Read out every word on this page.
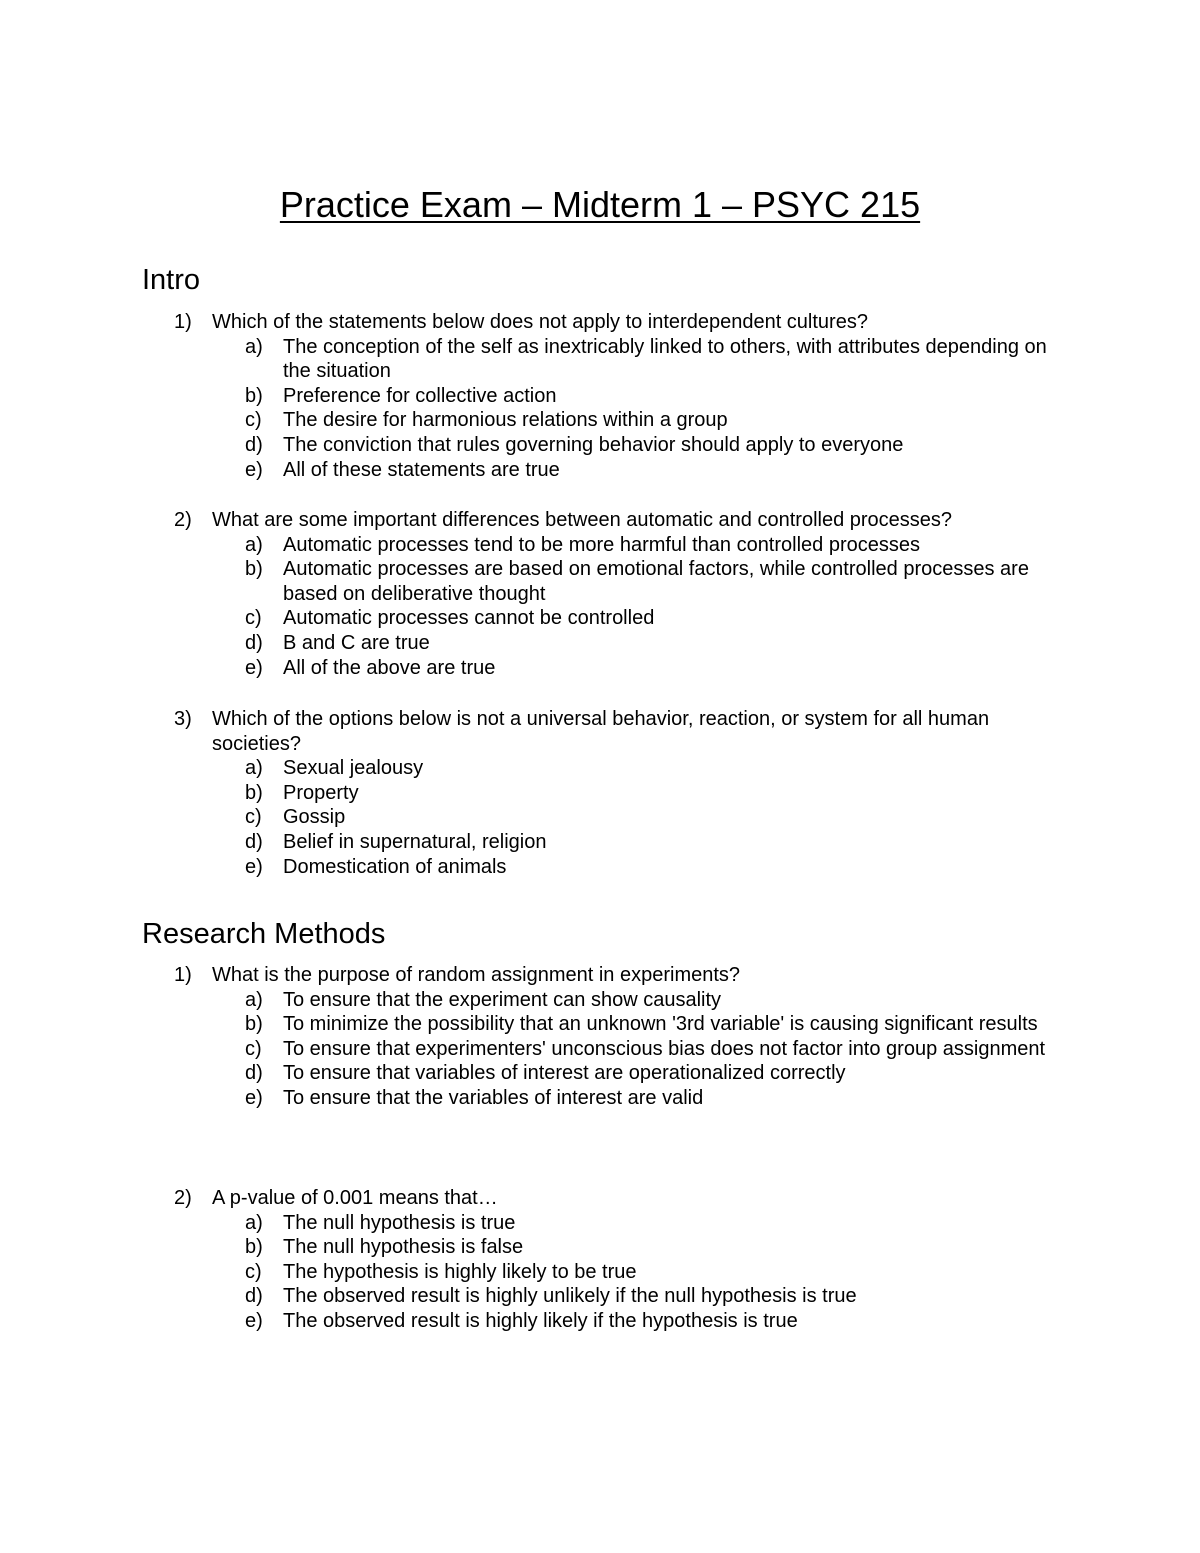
Practice Exam – Midterm 1 – PSYC 215
Intro
1) Which of the statements below does not apply to interdependent cultures?
a) The conception of the self as inextricably linked to others, with attributes depending on the situation
b) Preference for collective action
c) The desire for harmonious relations within a group
d) The conviction that rules governing behavior should apply to everyone
e) All of these statements are true
2) What are some important differences between automatic and controlled processes?
a) Automatic processes tend to be more harmful than controlled processes
b) Automatic processes are based on emotional factors, while controlled processes are based on deliberative thought
c) Automatic processes cannot be controlled
d) B and C are true
e) All of the above are true
3) Which of the options below is not a universal behavior, reaction, or system for all human societies?
a) Sexual jealousy
b) Property
c) Gossip
d) Belief in supernatural, religion
e) Domestication of animals
Research Methods
1) What is the purpose of random assignment in experiments?
a) To ensure that the experiment can show causality
b) To minimize the possibility that an unknown '3rd variable' is causing significant results
c) To ensure that experimenters' unconscious bias does not factor into group assignment
d) To ensure that variables of interest are operationalized correctly
e) To ensure that the variables of interest are valid
2) A p-value of 0.001 means that…
a) The null hypothesis is true
b) The null hypothesis is false
c) The hypothesis is highly likely to be true
d) The observed result is highly unlikely if the null hypothesis is true
e) The observed result is highly likely if the hypothesis is true
